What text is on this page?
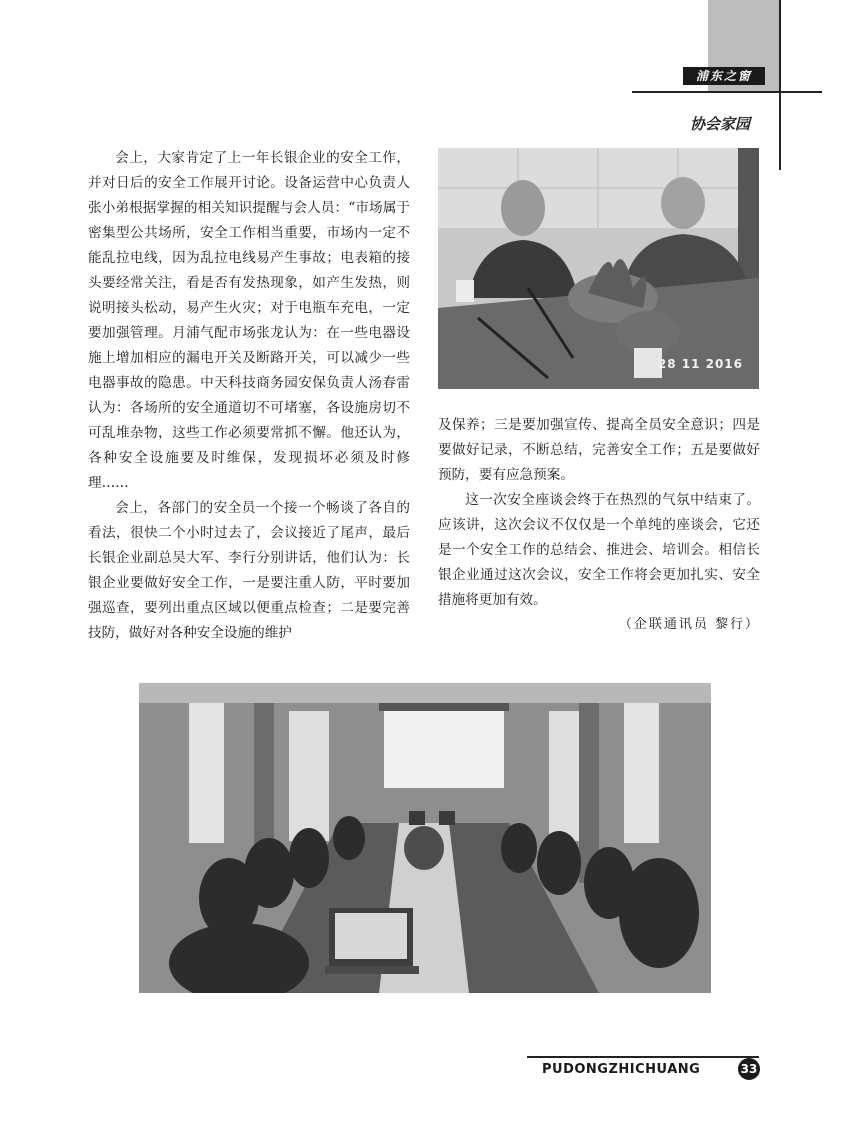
浦东之窗
协会家园

会上，大家肯定了上一年长银企业的安全工作，并对日后的安全工作展开讨论。设备运营中心负责人张小弟根据掌握的相关知识提醒与会人员：“市场属于密集型公共场所，安全工作相当重要，市场内一定不能乱拉电线，因为乱拉电线易产生事故；电表箱的接头要经常关注，看是否有发热现象，如产生发热，则说明接头松动，易产生火灾；对于电瓶车充电，一定要加强管理。月浦气配市场张龙认为：在一些电器设施上增加相应的漏电开关及断路开关，可以减少一些电器事故的隐患。中天科技商务园安保负责人汤春雷认为：各场所的安全通道切不可堵塞，各设施房切不可乱堆杂物，这些工作必须要常抓不懈。他还认为，各种安全设施要及时维保，发现损坏必须及时修理……

会上，各部门的安全员一个接一个畅谈了各自的看法，很快二个小时过去了，会议接近了尾声，最后长银企业副总吴大军、李行分别讲话，他们认为：长银企业要做好安全工作，一是要注重人防，平时要加强巡查，要列出重点区域以便重点检查；二是要完善技防，做好对各种安全设施的维护

28 11 2016

及保养；三是要加强宣传、提高全员安全意识；四是要做好记录，不断总结，完善安全工作；五是要做好预防，要有应急预案。

这一次安全座谈会终于在热烈的气氛中结束了。应该讲，这次会议不仅仅是一个单纯的座谈会，它还是一个安全工作的总结会、推进会、培训会。相信长银企业通过这次会议，安全工作将会更加扎实、安全措施将更加有效。

（企联通讯员 黎行）
PUDONGZHICHUANG	33
